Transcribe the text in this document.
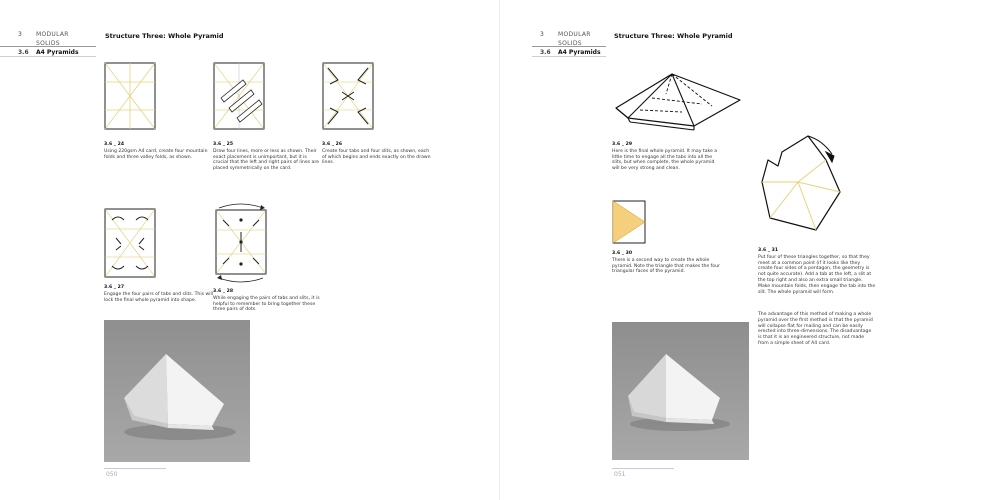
3	MODULAR
SOLIDS
3.6	A4 Pyramids
Structure Three: Whole Pyramid
3.6 _ 24
Using 220gsm A4 card, create four mountain folds and three valley folds, as shown.
3.6 _ 25
Draw four lines, more or less as shown. Their exact placement is unimportant, but it is crucial that the left and right pairs of lines are placed symmetrically on the card.
3.6 _ 26
Create four tabs and four slits, as shown, each of which begins and ends exactly on the drawn lines.
3.6 _ 27
Engage the four pairs of tabs and slits. This will lock the final whole pyramid into shape.
3.6 _ 28
While engaging the pairs of tabs and slits, it is helpful to remember to bring together these three pairs of dots.
050
3	MODULAR
SOLIDS
3.6	A4 Pyramids
Structure Three: Whole Pyramid
3.6 _ 29
Here is the final whole pyramid. It may take a little time to engage all the tabs into all the slits, but when complete, the whole pyramid will be very strong and clean.
3.6 _ 30
There is a second way to create the whole pyramid. Note the triangle that makes the four triangular faces of the pyramid.
3.6 _ 31
Put four of these triangles together, so that they meet at a common point (if it looks like they create four sides of a pentagon, the geometry is not quite accurate). Add a tab at the left, a slit at the top right and also an extra small triangle. Make mountain folds, then engage the tab into the slit. The whole pyramid will form.
The advantage of this method of making a whole pyramid over the first method is that the pyramid will collapse flat for mailing and can be easily erected into three-dimensions. The disadvantage is that it is an engineered structure, not made from a simple sheet of A4 card.
051
